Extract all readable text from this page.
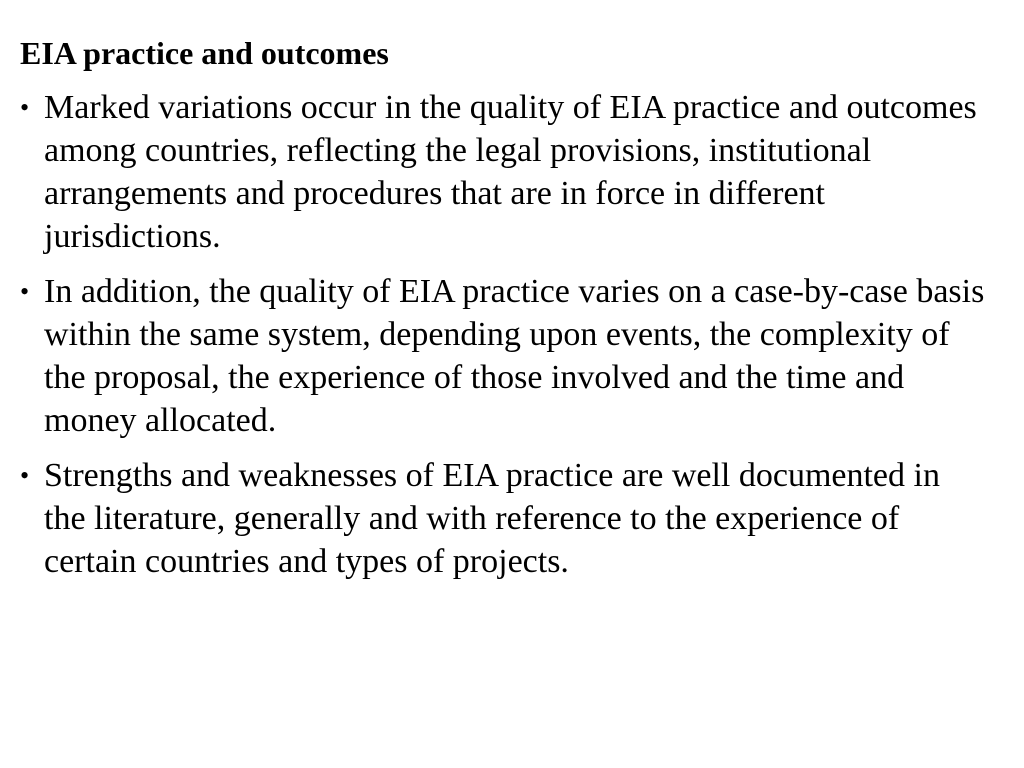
EIA practice and outcomes
• Marked variations occur in the quality of EIA practice and outcomes among countries, reflecting the legal provisions, institutional arrangements and procedures that are in force in different jurisdictions.
• In addition, the quality of EIA practice varies on a case-by-case basis within the same system, depending upon events, the complexity of the proposal, the experience of those involved and the time and money allocated.
• Strengths and weaknesses of EIA practice are well documented in the literature, generally and with reference to the experience of certain countries and types of projects.
